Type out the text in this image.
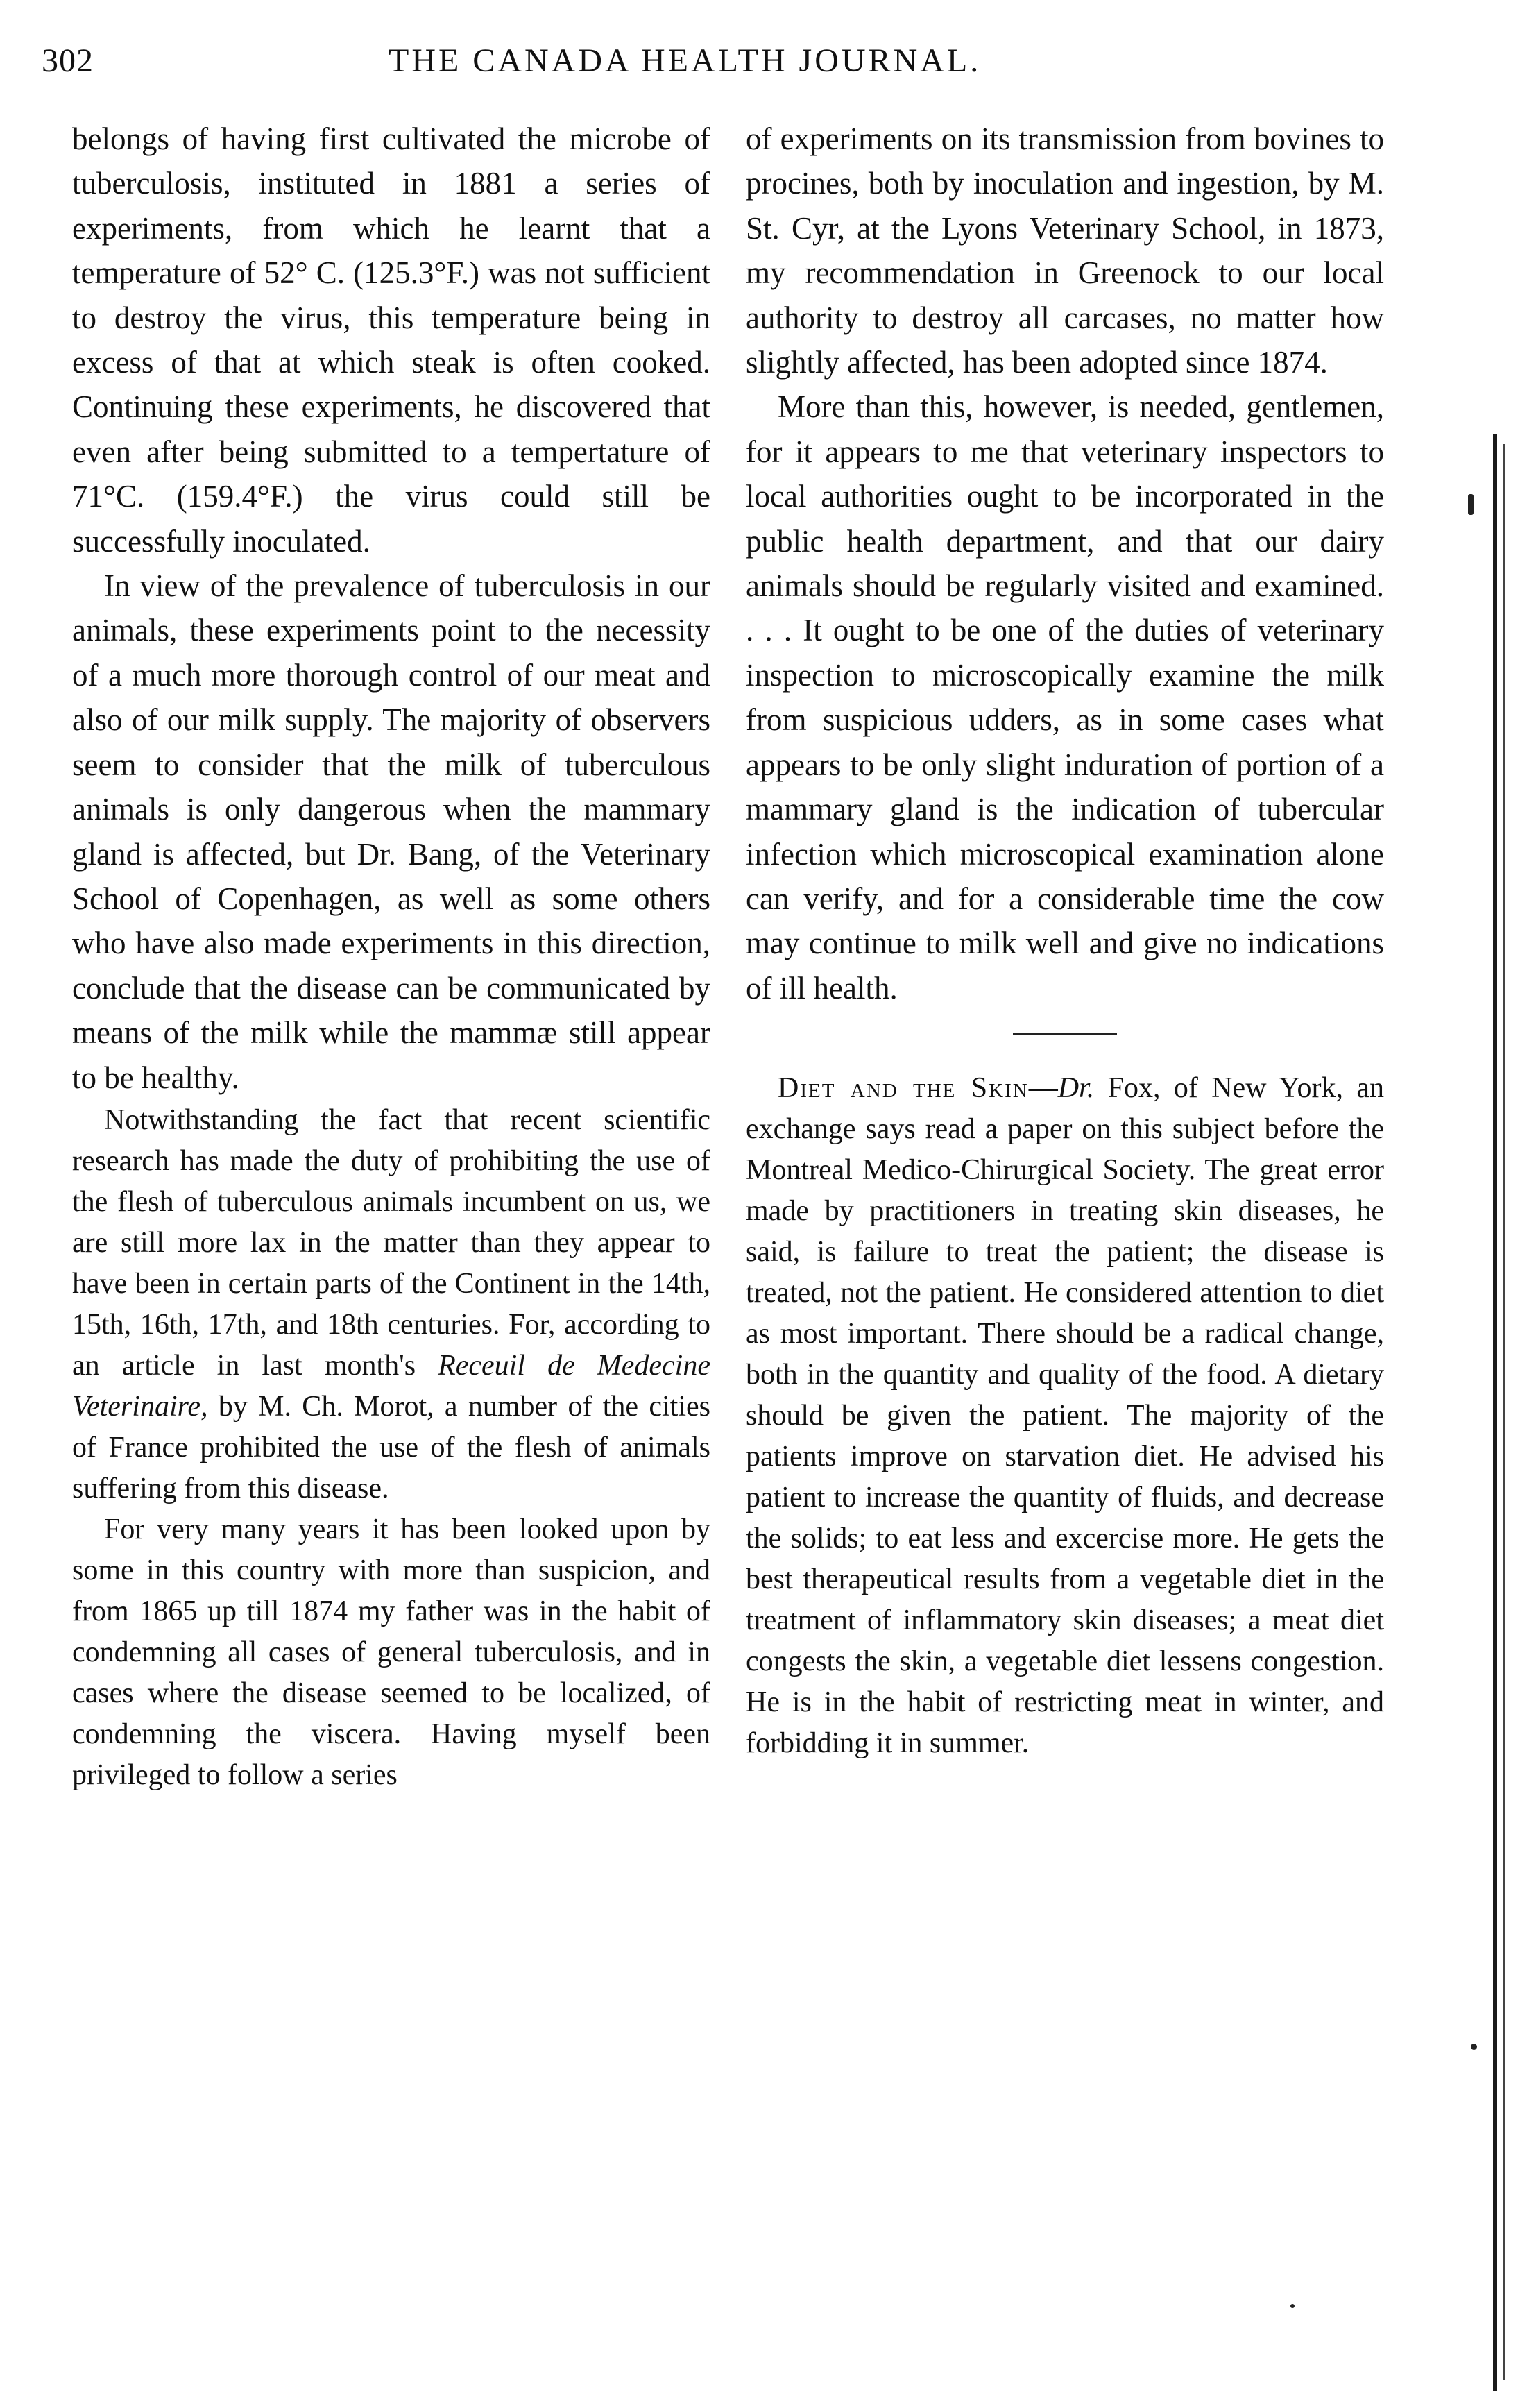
302	THE CANADA HEALTH JOURNAL.

belongs of having first cultivated the microbe of tuberculosis, instituted in 1881 a series of experiments, from which he learnt that a temperature of 52° C. (125.3°F.) was not sufficient to destroy the virus, this temperature being in excess of that at which steak is often cooked. Continuing these experiments, he discovered that even after being submitted to a tempertature of 71°C. (159.4°F.) the virus could still be successfully inoculated.

In view of the prevalence of tuberculosis in our animals, these experiments point to the necessity of a much more thorough control of our meat and also of our milk supply. The majority of observers seem to consider that the milk of tuberculous animals is only dangerous when the mammary gland is affected, but Dr. Bang, of the Veterinary School of Copenhagen, as well as some others who have also made experiments in this direction, conclude that the disease can be communicated by means of the milk while the mammæ still appear to be healthy.

Notwithstanding the fact that recent scientific research has made the duty of prohibiting the use of the flesh of tuberculous animals incumbent on us, we are still more lax in the matter than they appear to have been in certain parts of the Continent in the 14th, 15th, 16th, 17th, and 18th centuries. For, according to an article in last month's Receuil de Medecine Veterinaire, by M. Ch. Morot, a number of the cities of France prohibited the use of the flesh of animals suffering from this disease.

For very many years it has been looked upon by some in this country with more than suspicion, and from 1865 up till 1874 my father was in the habit of condemning all cases of general tuberculosis, and in cases where the disease seemed to be localized, of condemning the viscera. Having myself been privileged to follow a series

of experiments on its transmission from bovines to procines, both by inoculation and ingestion, by M. St. Cyr, at the Lyons Veterinary School, in 1873, my recommendation in Greenock to our local authority to destroy all carcases, no matter how slightly affected, has been adopted since 1874.

More than this, however, is needed, gentlemen, for it appears to me that veterinary inspectors to local authorities ought to be incorporated in the public health department, and that our dairy animals should be regularly visited and examined. . . . It ought to be one of the duties of veterinary inspection to microscopically examine the milk from suspicious udders, as in some cases what appears to be only slight induration of portion of a mammary gland is the indication of tubercular infection which microscopical examination alone can verify, and for a considerable time the cow may continue to milk well and give no indications of ill health.

Diet and the Skin—Dr. Fox, of New York, an exchange says read a paper on this subject before the Montreal Medico-Chirurgical Society. The great error made by practitioners in treating skin diseases, he said, is failure to treat the patient; the disease is treated, not the patient. He considered attention to diet as most important. There should be a radical change, both in the quantity and quality of the food. A dietary should be given the patient. The majority of the patients improve on starvation diet. He advised his patient to increase the quantity of fluids, and decrease the solids; to eat less and excercise more. He gets the best therapeutical results from a vegetable diet in the treatment of inflammatory skin diseases; a meat diet congests the skin, a vegetable diet lessens congestion. He is in the habit of restricting meat in winter, and forbidding it in summer.
